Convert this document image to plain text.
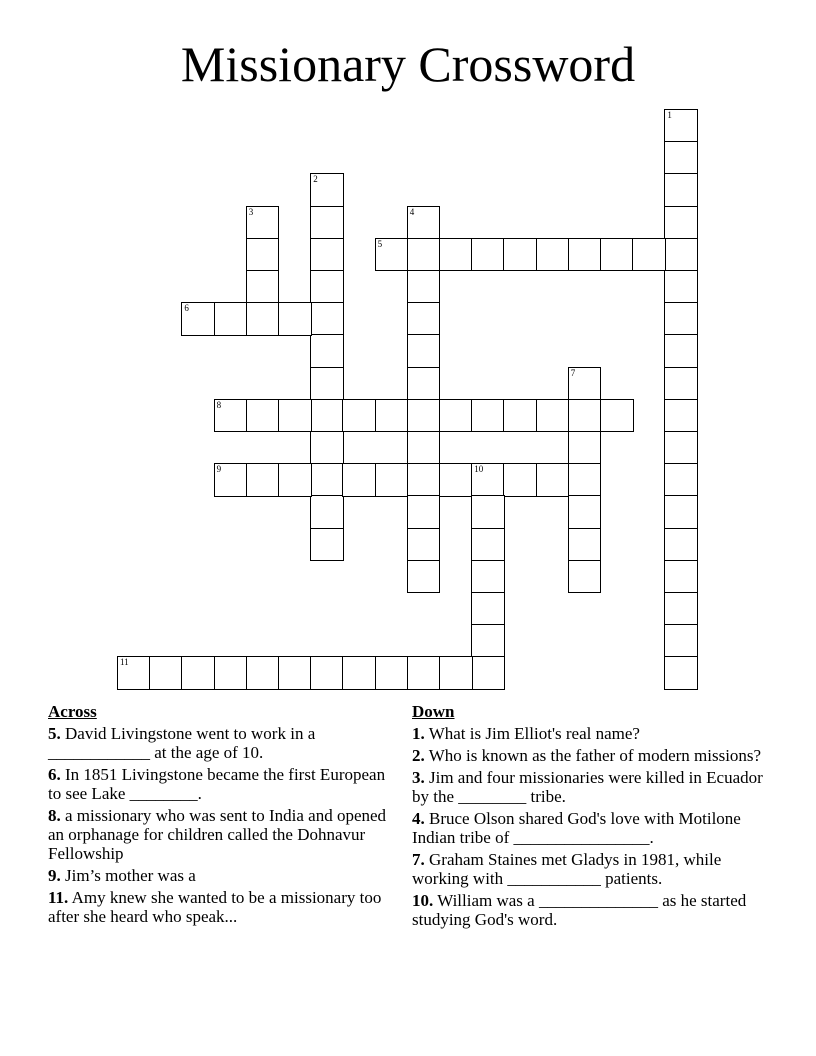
Missionary Crossword
1
2
3	4
5
6
7
8
9	10
11
Across
5. David Livingstone went to work in a ____________ at the age of 10.
6. In 1851 Livingstone became the first European to see Lake ________.
8. a missionary who was sent to India and opened an orphanage for children called the Dohnavur Fellowship
9. Jim’s mother was a
11. Amy knew she wanted to be a missionary too after she heard who speak...
Down
1. What is Jim Elliot's real name?
2. Who is known as the father of modern missions?
3. Jim and four missionaries were killed in Ecuador by the ________ tribe.
4. Bruce Olson shared God's love with Motilone Indian tribe of ________________.
7. Graham Staines met Gladys in 1981, while working with ___________ patients.
10. William was a ______________ as he started studying God's word.
